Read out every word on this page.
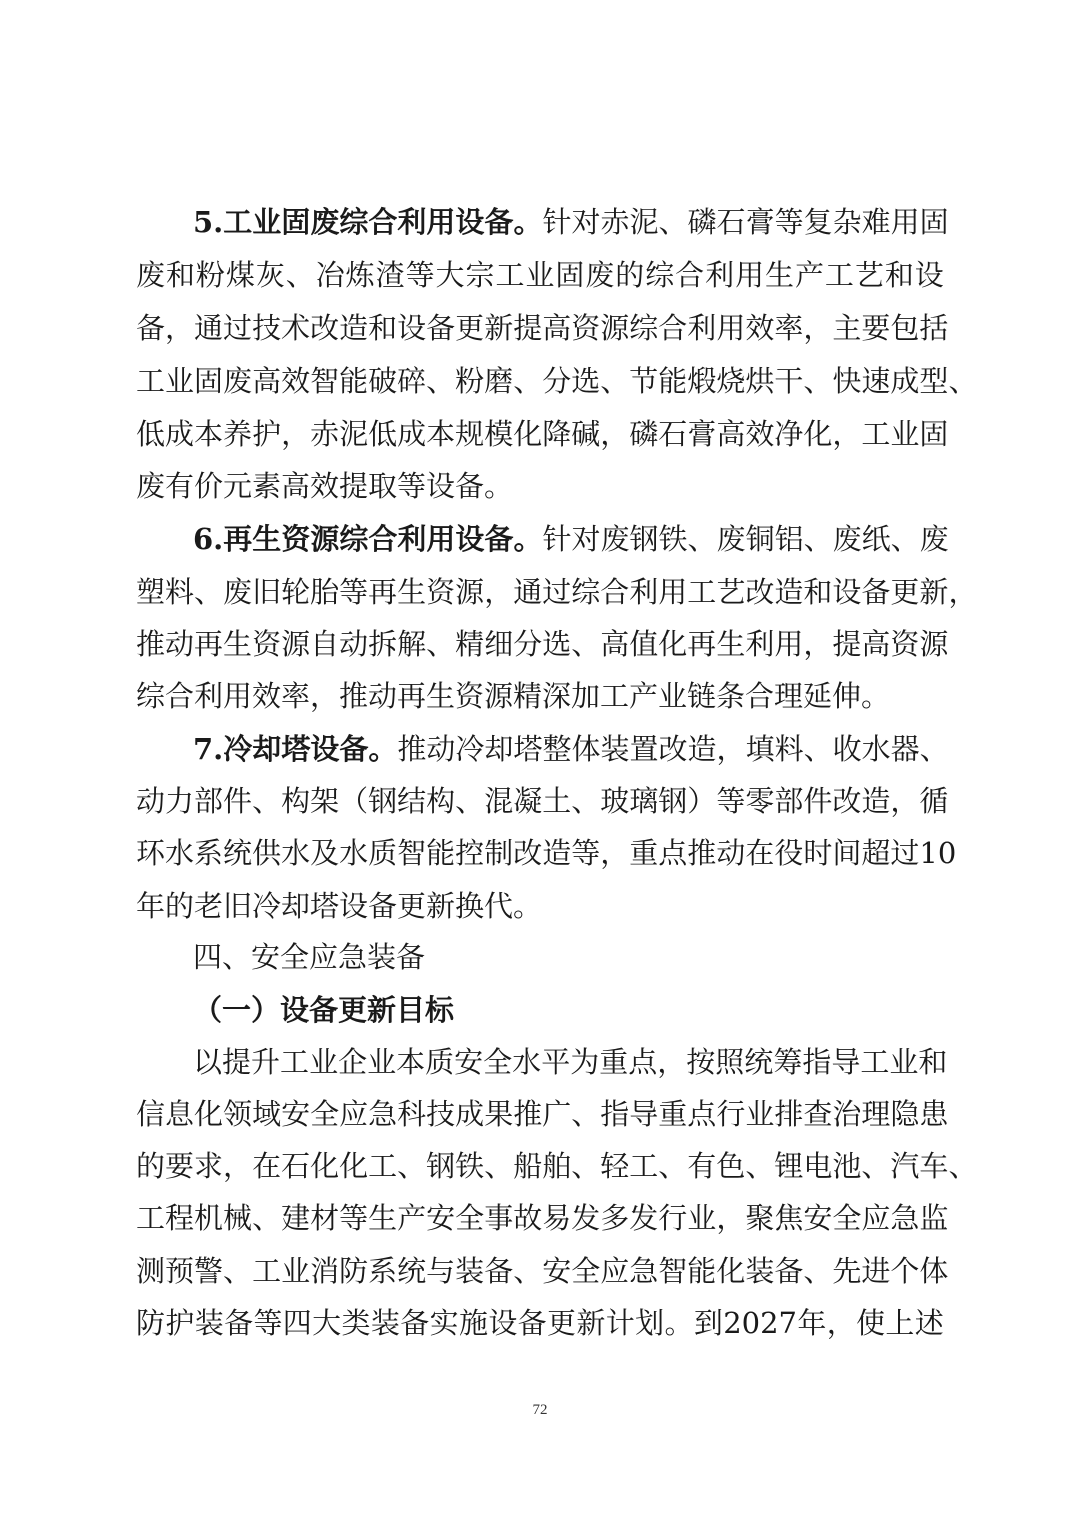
5. 工 业 固 废 综 合 利 用 设 备 。 针 对 赤 泥 、 磷 石 膏 等 复 杂 难 用 固
废 和 粉 煤 灰 、 冶 炼 渣 等 大 宗 工 业 固 废 的 综 合 利 用 生 产 工 艺 和 设
备 ， 通 过 技 术 改 造 和 设 备 更 新 提 高 资 源 综 合 利 用 效 率 ， 主 要 包 括
工 业 固 废 高 效 智 能 破 碎 、 粉 磨 、 分 选 、 节 能 煅 烧 烘 干 、 快 速 成 型 、
低 成 本 养 护 ， 赤 泥 低 成 本 规 模 化 降 碱 ， 磷 石 膏 高 效 净 化 ， 工 业 固
废有价元素高效提取等设备。
6. 再 生 资 源 综 合 利 用 设 备 。 针 对 废 钢 铁 、 废 铜 铝 、 废 纸 、 废
塑 料 、 废 旧 轮 胎 等 再 生 资 源 ， 通 过 综 合 利 用 工 艺 改 造 和 设 备 更 新 ，
推 动 再 生 资 源 自 动 拆 解 、 精 细 分 选 、 高 值 化 再 生 利 用 ， 提 高 资 源
综合利用效率，推动再生资源精深加工产业链条合理延伸。
7. 冷 却 塔 设 备 。 推 动 冷 却 塔 整 体 装 置 改 造 ， 填 料 、 收 水 器 、
动 力 部 件 、 构 架 （ 钢 结 构 、 混 凝 土 、 玻 璃 钢 ） 等 零 部 件 改 造 ， 循
环 水 系 统 供 水 及 水 质 智 能 控 制 改 造 等 ， 重 点 推 动 在 役 时 间 超 过 10
年的老旧冷却塔设备更新换代。
四、安全应急装备
（一）设备更新目标
以 提 升 工 业 企 业 本 质 安 全 水 平 为 重 点 ， 按 照 统 筹 指 导 工 业 和
信 息 化 领 域 安 全 应 急 科 技 成 果 推 广 、 指 导 重 点 行 业 排 查 治 理 隐 患
的 要 求 ， 在 石 化 化 工 、 钢 铁 、 船 舶 、 轻 工 、 有 色 、 锂 电 池 、 汽 车 、
工 程 机 械 、 建 材 等 生 产 安 全 事 故 易 发 多 发 行 业 ， 聚 焦 安 全 应 急 监
测 预 警 、 工 业 消 防 系 统 与 装 备 、 安 全 应 急 智 能 化 装 备 、 先 进 个 体
防 护 装 备 等 四 大 类 装 备 实 施 设 备 更 新 计 划 。 到 2027 年 ， 使 上 述
72
